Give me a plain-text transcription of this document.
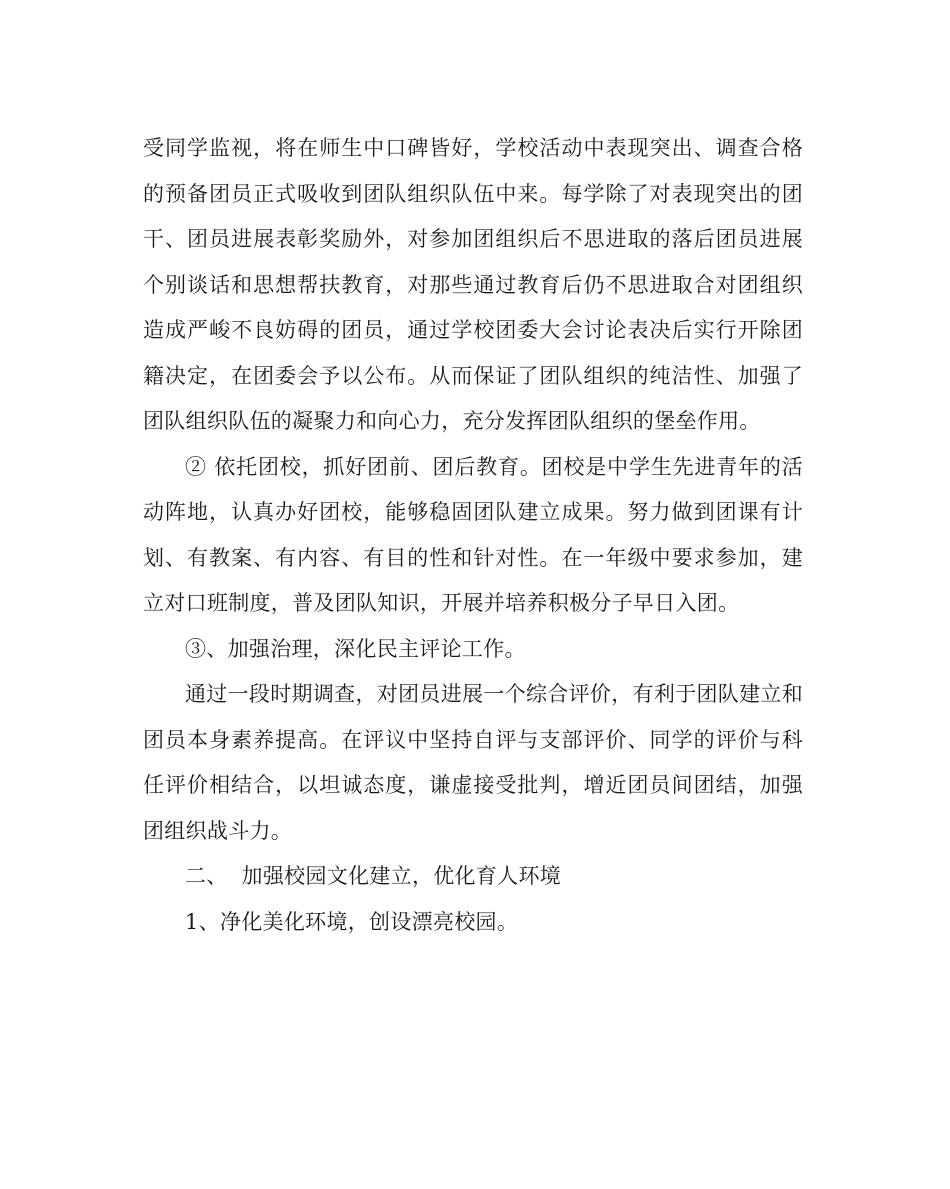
受同学监视，将在师生中口碑皆好，学校活动中表现突出、调查合格的预备团员正式吸收到团队组织队伍中来。每学除了对表现突出的团干、团员进展表彰奖励外，对参加团组织后不思进取的落后团员进展个别谈话和思想帮扶教育，对那些通过教育后仍不思进取合对团组织造成严峻不良妨碍的团员，通过学校团委大会讨论表决后实行开除团籍决定，在团委会予以公布。从而保证了团队组织的纯洁性、加强了团队组织队伍的凝聚力和向心力，充分发挥团队组织的堡垒作用。

② 依托团校，抓好团前、团后教育。团校是中学生先进青年的活动阵地，认真办好团校，能够稳固团队建立成果。努力做到团课有计划、有教案、有内容、有目的性和针对性。在一年级中要求参加，建立对口班制度，普及团队知识，开展并培养积极分子早日入团。

③、加强治理，深化民主评论工作。

通过一段时期调查，对团员进展一个综合评价，有利于团队建立和团员本身素养提高。在评议中坚持自评与支部评价、同学的评价与科任评价相结合，以坦诚态度，谦虚接受批判，增近团员间团结，加强团组织战斗力。

二、  加强校园文化建立，优化育人环境

1、净化美化环境，创设漂亮校园。
